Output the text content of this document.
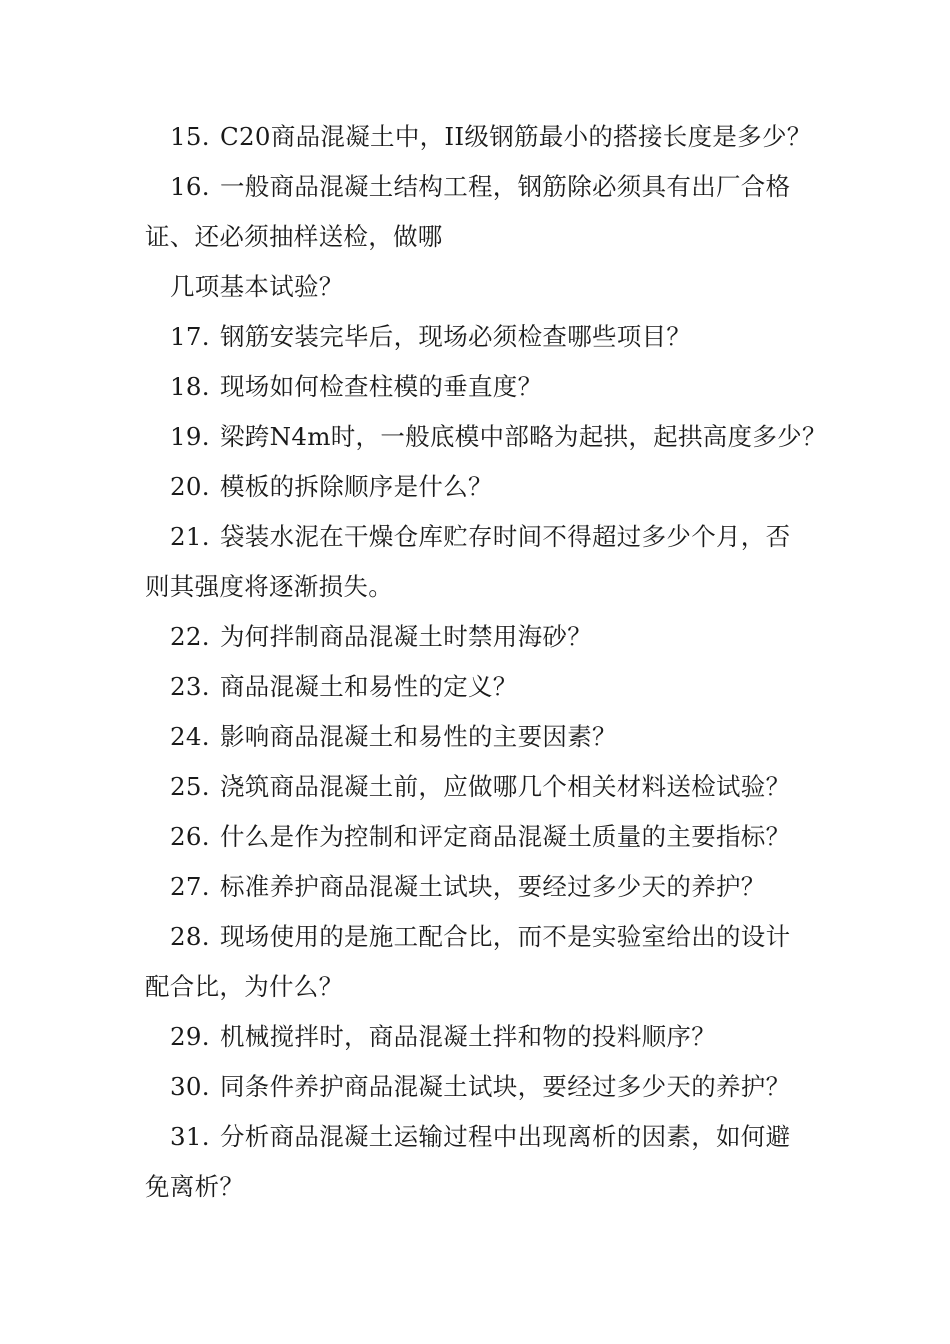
15. C20商品混凝土中，II级钢筋最小的搭接长度是多少？
16. 一般商品混凝土结构工程，钢筋除必须具有出厂合格
证、还必须抽样送检，做哪
几项基本试验？
17. 钢筋安装完毕后，现场必须检查哪些项目？
18. 现场如何检查柱模的垂直度？
19. 梁跨N4m时，一般底模中部略为起拱，起拱高度多少？
20. 模板的拆除顺序是什么？
21. 袋装水泥在干燥仓库贮存时间不得超过多少个月，否
则其强度将逐渐损失。
22. 为何拌制商品混凝土时禁用海砂？
23. 商品混凝土和易性的定义？
24. 影响商品混凝土和易性的主要因素？
25. 浇筑商品混凝土前，应做哪几个相关材料送检试验？
26. 什么是作为控制和评定商品混凝土质量的主要指标？
27. 标准养护商品混凝土试块，要经过多少天的养护？
28. 现场使用的是施工配合比，而不是实验室给出的设计
配合比，为什么？
29. 机械搅拌时，商品混凝土拌和物的投料顺序？
30. 同条件养护商品混凝土试块，要经过多少天的养护？
31. 分析商品混凝土运输过程中出现离析的因素，如何避
免离析？
